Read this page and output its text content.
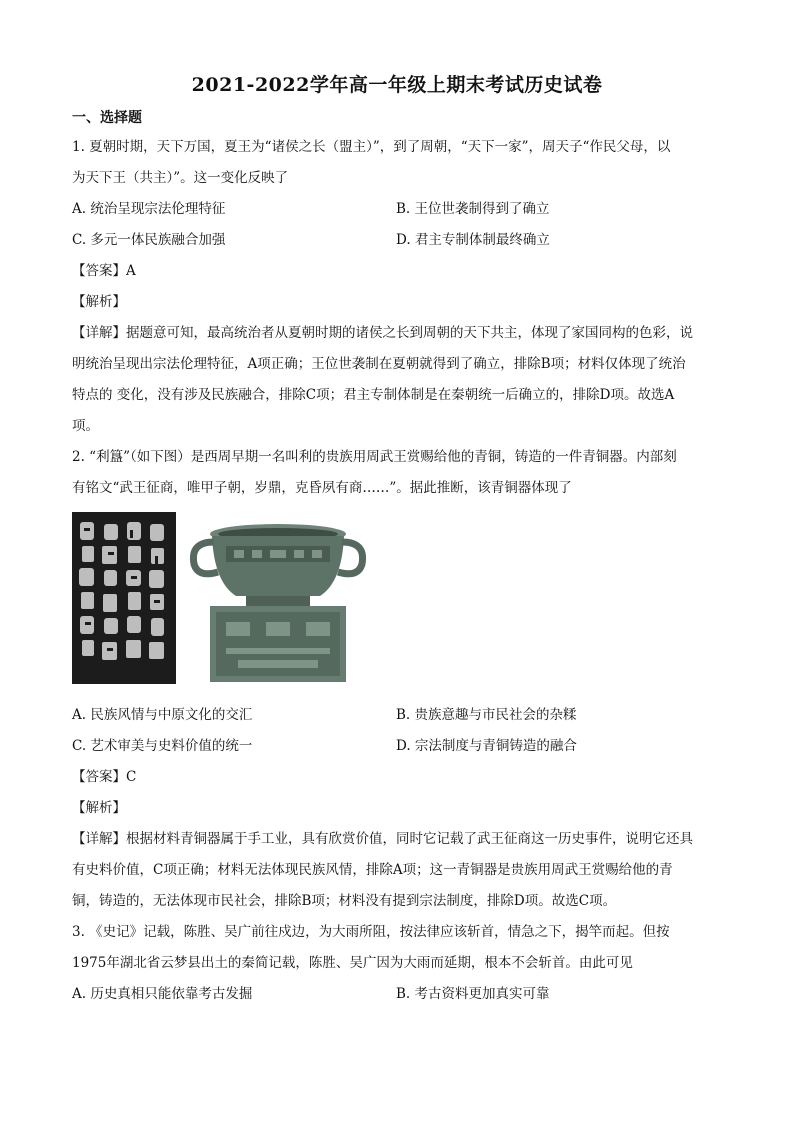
2021-2022学年高一年级上期末考试历史试卷
一、选择题
1. 夏朝时期，天下万国，夏王为“诸侯之长（盟主）”，到了周朝，“天下一家”，周天子“作民父母，以
为天下王（共主）”。这一变化反映了
A. 统治呈现宗法伦理特征	B. 王位世袭制得到了确立
C. 多元一体民族融合加强	D. 君主专制体制最终确立
【答案】A
【解析】
【详解】据题意可知，最高统治者从夏朝时期的诸侯之长到周朝的天下共主，体现了家国同构的色彩，说
明统治呈现出宗法伦理特征，A项正确；王位世袭制在夏朝就得到了确立，排除B项；材料仅体现了统治
特点的 变化，没有涉及民族融合，排除C项；君主专制体制是在秦朝统一后确立的，排除D项。故选A
项。
2. “利簋”（如下图）是西周早期一名叫利的贵族用周武王赏赐给他的青铜，铸造的一件青铜器。内部刻
有铭文“武王征商，唯甲子朝，岁鼎，克昏夙有商……”。据此推断，该青铜器体现了
A. 民族风情与中原文化的交汇	B. 贵族意趣与市民社会的杂糅
C. 艺术审美与史料价值的统一	D. 宗法制度与青铜铸造的融合
【答案】C
【解析】
【详解】根据材料青铜器属于手工业，具有欣赏价值，同时它记载了武王征商这一历史事件，说明它还具
有史料价值，C项正确；材料无法体现民族风情，排除A项；这一青铜器是贵族用周武王赏赐给他的青
铜，铸造的，无法体现市民社会，排除B项；材料没有提到宗法制度，排除D项。故选C项。
3. 《史记》记载，陈胜、吴广前往戍边，为大雨所阻，按法律应该斩首，情急之下，揭竿而起。但按
1975年湖北省云梦县出土的秦简记载，陈胜、吴广因为大雨而延期，根本不会斩首。由此可见
A. 历史真相只能依靠考古发掘	B. 考古资料更加真实可靠
